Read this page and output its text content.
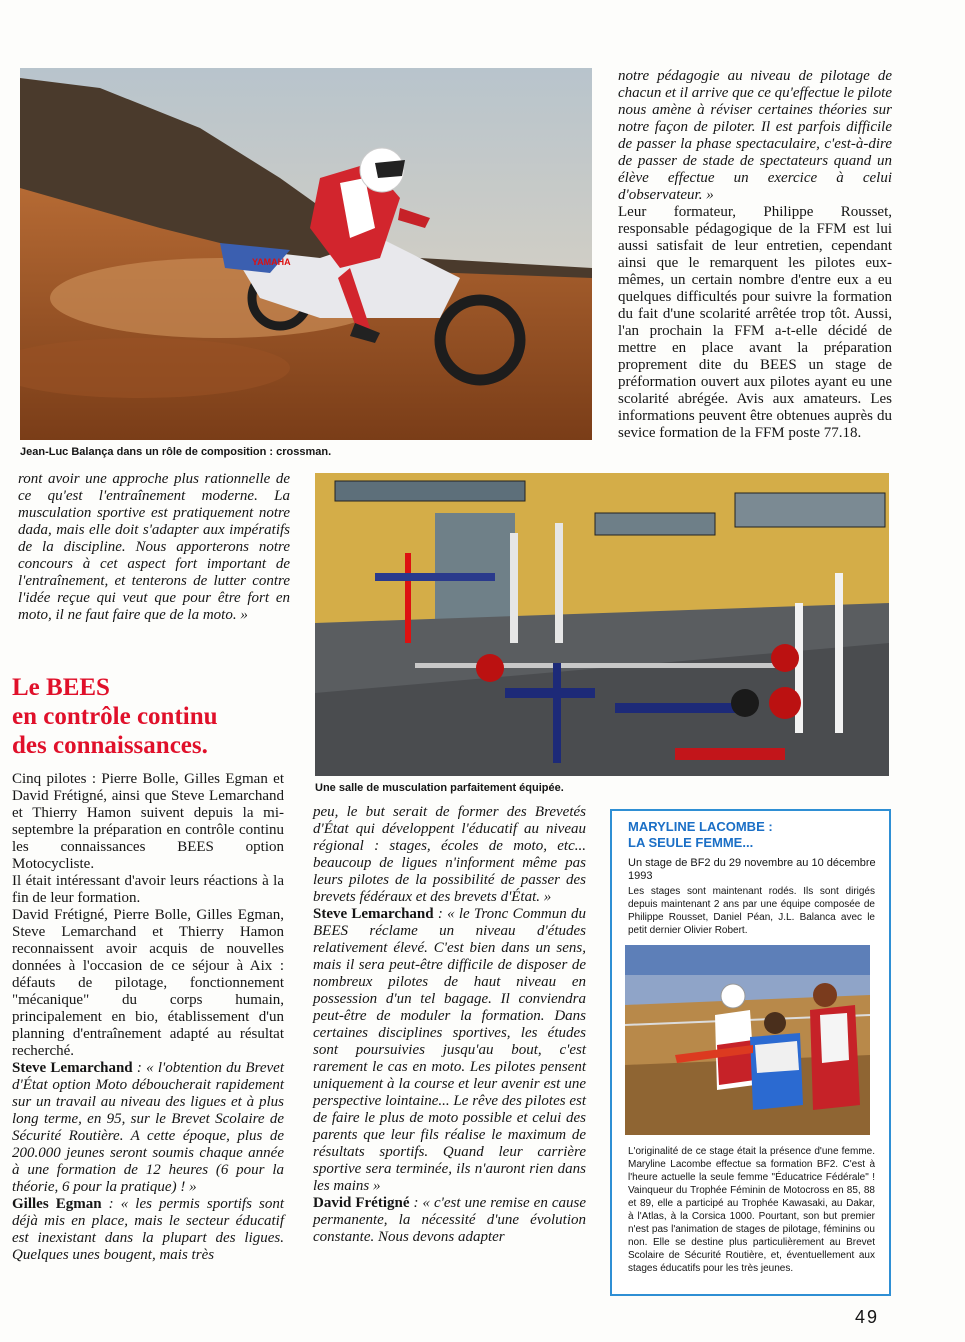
YAMAHA
Jean-Luc Balança dans un rôle de composition : crossman.

notre pédagogie au niveau de pilotage de chacun et il arrive que ce qu'effectue le pilote nous amène à réviser certaines théories sur notre façon de piloter. Il est parfois difficile de passer la phase spectaculaire, c'est-à-dire de passer de stade de spectateurs quand un élève effectue un exercice à celui d'observateur. »

Leur formateur, Philippe Rousset, responsable pédagogique de la FFM est lui aussi satisfait de leur entretien, cependant ainsi que le remarquent les pilotes eux-mêmes, un certain nombre d'entre eux a eu quelques difficultés pour suivre la formation du fait d'une scolarité arrêtée trop tôt. Aussi, l'an prochain la FFM a-t-elle décidé de mettre en place avant la préparation proprement dite du BEES un stage de préformation ouvert aux pilotes ayant eu une scolarité abrégée. Avis aux amateurs. Les informations peuvent être obtenues auprès du sevice formation de la FFM poste 77.18.

ront avoir une approche plus rationnelle de ce qu'est l'entraînement moderne. La musculation sportive est pratiquement notre dada, mais elle doit s'adapter aux impératifs de la discipline. Nous apporterons notre concours à cet aspect fort important de l'entraînement, et tenterons de lutter contre l'idée reçue qui veut que pour être fort en moto, il ne faut faire que de la moto. »
Le BEES
en contrôle continu
des connaissances.
Une salle de musculation parfaitement équipée.

Cinq pilotes : Pierre Bolle, Gilles Egman et David Frétigné, ainsi que Steve Lemarchand et Thierry Hamon suivent depuis la mi-septembre la préparation en contrôle continu les connaissances BEES option Motocycliste.

Il était intéressant d'avoir leurs réactions à la fin de leur formation.

David Frétigné, Pierre Bolle, Gilles Egman, Steve Lemarchand et Thierry Hamon reconnaissent avoir acquis de nouvelles données à l'occasion de ce séjour à Aix : défauts de pilotage, fonctionnement "mécanique" du corps humain, principalement en bio, établissement d'un planning d'entraînement adapté au résultat recherché.

Steve Lemarchand : « l'obtention du Brevet d'État option Moto déboucherait rapidement sur un travail au niveau des ligues et à plus long terme, en 95, sur le Brevet Scolaire de Sécurité Routière. A cette époque, plus de 200.000 jeunes seront soumis chaque année à une formation de 12 heures (6 pour la théorie, 6 pour la pratique) ! »

Gilles Egman : « les permis sportifs sont déjà mis en place, mais le secteur éducatif est inexistant dans la plupart des ligues. Quelques unes bougent, mais très

peu, le but serait de former des Brevetés d'État qui développent l'éducatif au niveau régional : stages, écoles de moto, etc... beaucoup de ligues n'informent même pas leurs pilotes de la possibilité de passer des brevets fédéraux et des brevets d'État. »

Steve Lemarchand : « le Tronc Commun du BEES réclame un niveau d'études relativement élevé. C'est bien dans un sens, mais il sera peut-être difficile de disposer de nombreux pilotes de haut niveau en possession d'un tel bagage. Il conviendra peut-être de moduler la formation. Dans certaines disciplines sportives, les études sont poursuivies jusqu'au bout, c'est rarement le cas en moto. Les pilotes pensent uniquement à la course et leur avenir est une perspective lointaine... Le rêve des pilotes est de faire le plus de moto possible et celui des parents que leur fils réalise le maximum de résultats sportifs. Quand leur carrière sportive sera terminée, ils n'auront rien dans les mains »

David Frétigné : « c'est une remise en cause permanente, la nécessité d'une évolution constante. Nous devons adapter

MARYLINE LACOMBE :
LA SEULE FEMME...
Un stage de BF2 du 29 novembre au 10 décembre 1993
Les stages sont maintenant rodés. Ils sont dirigés depuis maintenant 2 ans par une équipe composée de Philippe Rousset, Daniel Péan, J.L. Balanca avec le petit dernier Olivier Robert.
L'originalité de ce stage était la présence d'une femme. Maryline Lacombe effectue sa formation BF2. C'est à l'heure actuelle la seule femme "Éducatrice Fédérale" ! Vainqueur du Trophée Féminin de Motocross en 85, 88 et 89, elle a participé au Trophée Kawasaki, au Dakar, à l'Atlas, à la Corsica 1000. Pourtant, son but premier n'est pas l'animation de stages de pilotage, féminins ou non. Elle se destine plus particulièrement au Brevet Scolaire de Sécurité Routière, et, éventuellement aux stages éducatifs pour les très jeunes.
49
